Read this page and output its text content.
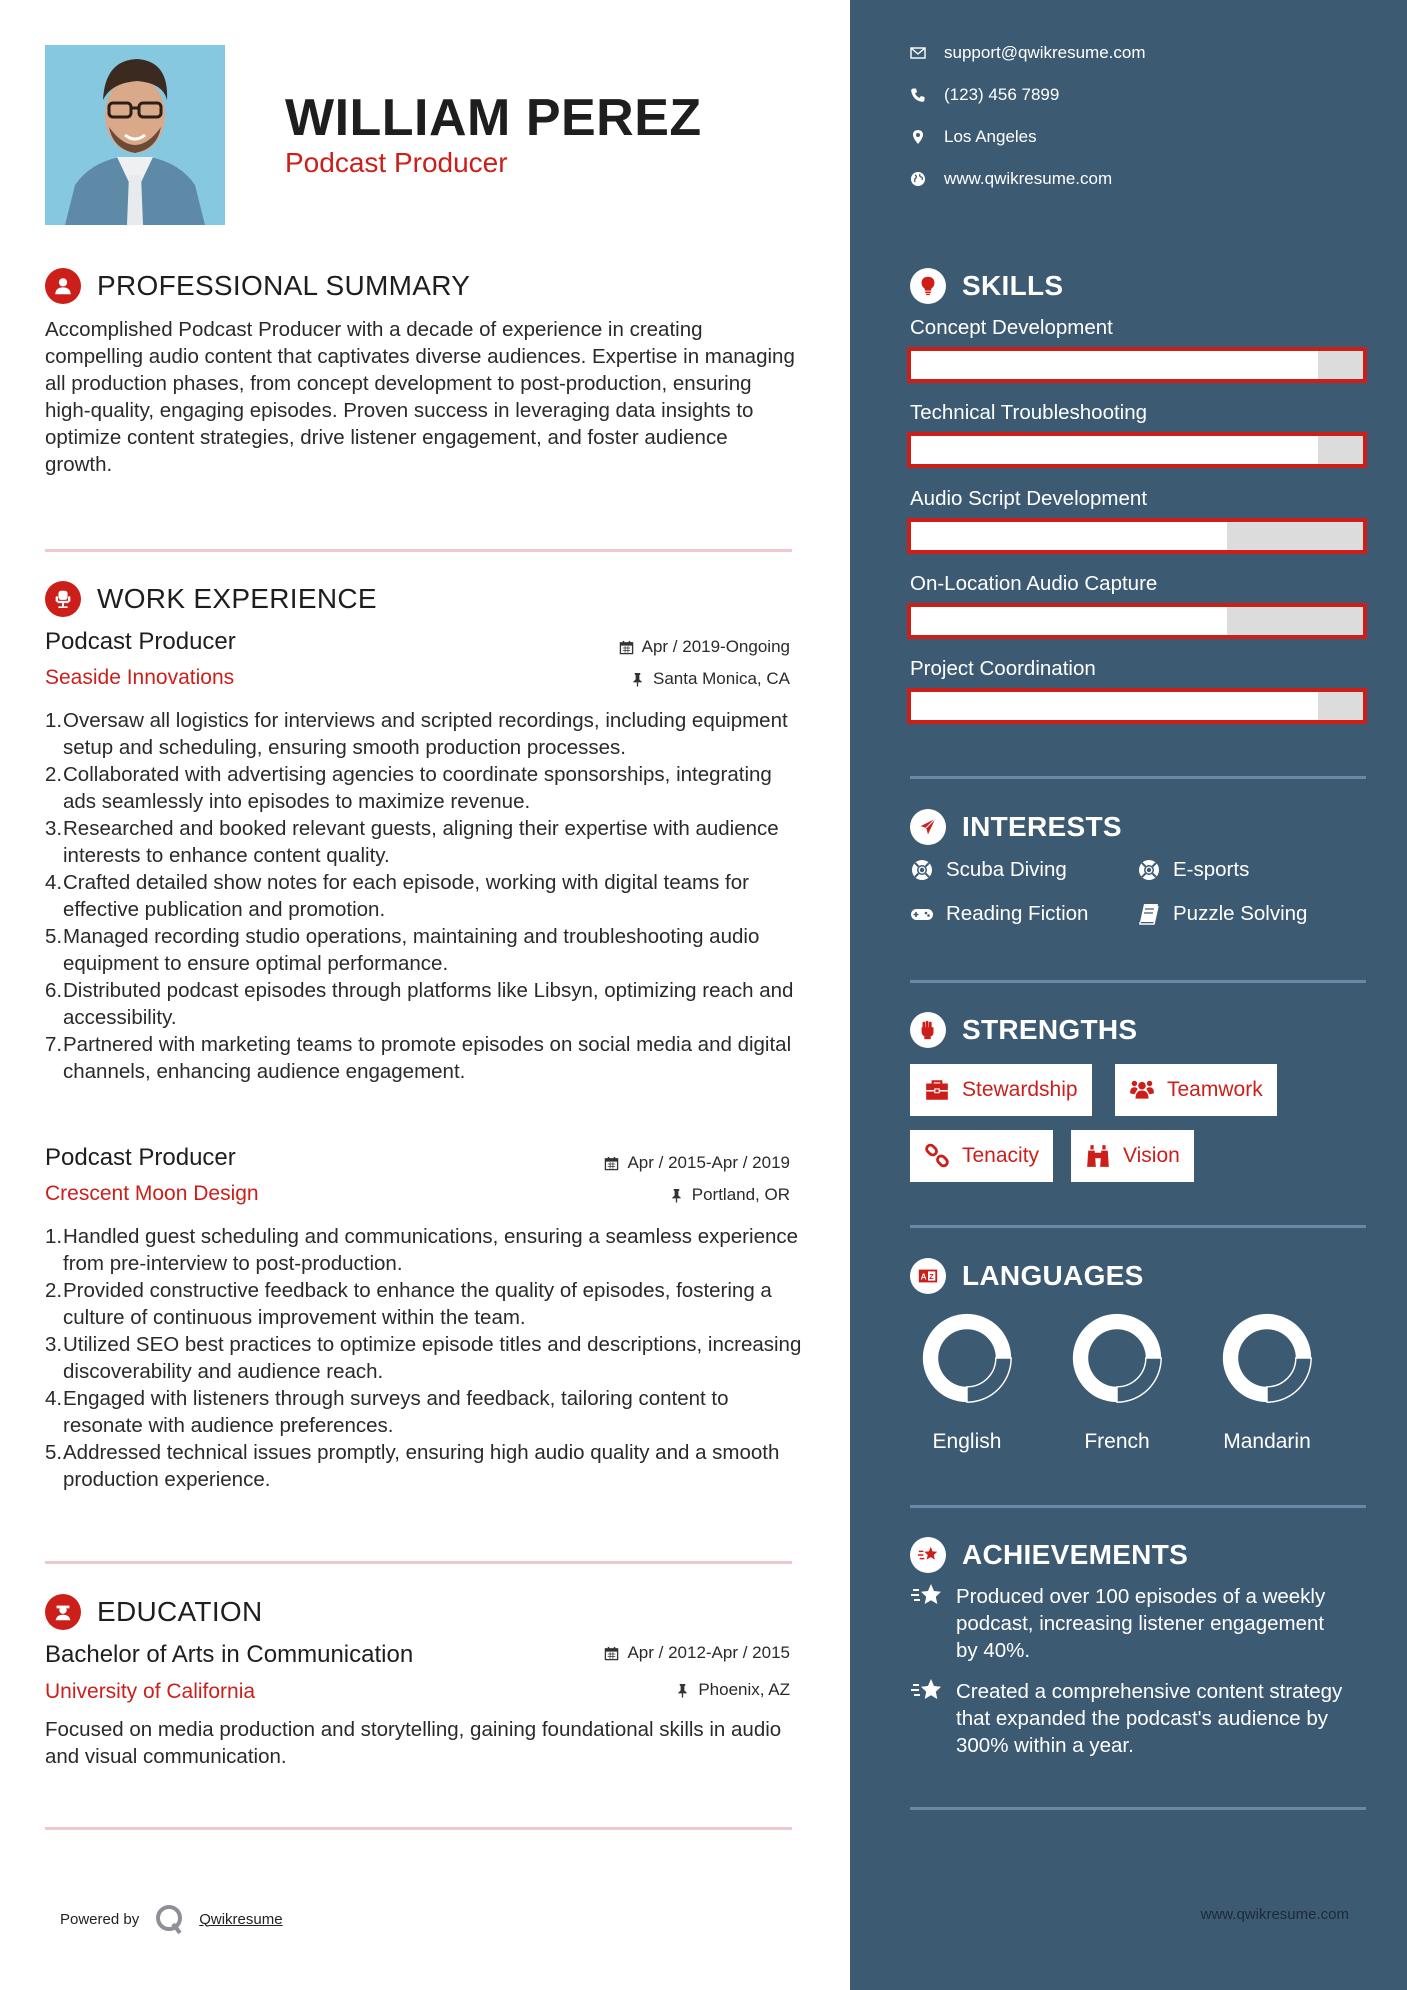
WILLIAM PEREZ
Podcast Producer
PROFESSIONAL SUMMARY
Accomplished Podcast Producer with a decade of experience in creating compelling audio content that captivates diverse audiences. Expertise in managing all production phases, from concept development to post-production, ensuring high-quality, engaging episodes. Proven success in leveraging data insights to optimize content strategies, drive listener engagement, and foster audience growth.
WORK EXPERIENCE
Podcast Producer	Apr / 2019-Ongoing
Seaside Innovations	Santa Monica, CA
1. Oversaw all logistics for interviews and scripted recordings, including equipment setup and scheduling, ensuring smooth production processes.
2. Collaborated with advertising agencies to coordinate sponsorships, integrating ads seamlessly into episodes to maximize revenue.
3. Researched and booked relevant guests, aligning their expertise with audience interests to enhance content quality.
4. Crafted detailed show notes for each episode, working with digital teams for effective publication and promotion.
5. Managed recording studio operations, maintaining and troubleshooting audio equipment to ensure optimal performance.
6. Distributed podcast episodes through platforms like Libsyn, optimizing reach and accessibility.
7. Partnered with marketing teams to promote episodes on social media and digital channels, enhancing audience engagement.
Podcast Producer	Apr / 2015-Apr / 2019
Crescent Moon Design	Portland, OR
1. Handled guest scheduling and communications, ensuring a seamless experience from pre-interview to post-production.
2. Provided constructive feedback to enhance the quality of episodes, fostering a culture of continuous improvement within the team.
3. Utilized SEO best practices to optimize episode titles and descriptions, increasing discoverability and audience reach.
4. Engaged with listeners through surveys and feedback, tailoring content to resonate with audience preferences.
5. Addressed technical issues promptly, ensuring high audio quality and a smooth production experience.
EDUCATION
Bachelor of Arts in Communication	Apr / 2012-Apr / 2015
University of California	Phoenix, AZ
Focused on media production and storytelling, gaining foundational skills in audio and visual communication.
Powered by	Qwikresume
support@qwikresume.com
(123) 456 7899
Los Angeles
www.qwikresume.com
SKILLS
Concept Development
Technical Troubleshooting
Audio Script Development
On-Location Audio Capture
Project Coordination
INTERESTS
Scuba Diving	E-sports
Reading Fiction	Puzzle Solving
STRENGTHS
Stewardship	Teamwork
Tenacity	Vision
A Z LANGUAGES
English	French	Mandarin
ACHIEVEMENTS
Produced over 100 episodes of a weekly podcast, increasing listener engagement by 40%.
Created a comprehensive content strategy that expanded the podcast's audience by 300% within a year.
www.qwikresume.com
